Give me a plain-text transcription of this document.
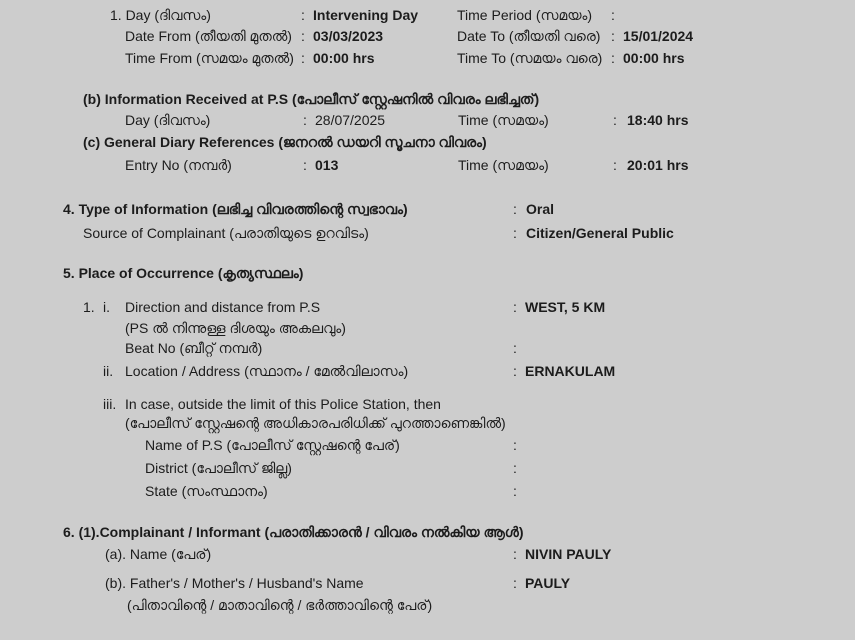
1. Day (ദിവസം)	: Intervening Day	Time Period (സമയം) :
Date From (തീയതി മുതൽ) : 03/03/2023	Date To (തീയതി വരെ) : 15/01/2024
Time From (സമയം മുതൽ) : 00:00 hrs	Time To (സമയം വരെ) : 00:00 hrs
(b) Information Received at P.S (പോലീസ് സ്റ്റേഷനിൽ വിവരം ലഭിച്ചത്)
Day (ദിവസം)	: 28/07/2025	Time (സമയം)	: 18:40 hrs
(c) General Diary References (ജനറൽ ഡയറി സൂചനാ വിവരം)
Entry No (നമ്പർ)	: 013	Time (സമയം)	: 20:01 hrs
4. Type of Information (ലഭിച്ച വിവരത്തിന്റെ സ്വഭാവം)	: Oral
Source of Complainant (പരാതിയുടെ ഉറവിടം)	: Citizen/General Public
5. Place of Occurrence (കൃത്യസ്ഥലം)
1. i. Direction and distance from P.S	: WEST, 5 KM
(PS ൽ നിന്നുള്ള ദിശയും അകലവും)
Beat No (ബീറ്റ് നമ്പർ)	:
ii. Location / Address (സ്ഥാനം / മേൽവിലാസം)	: ERNAKULAM
iii. In case, outside the limit of this Police Station, then
(പോലീസ് സ്റ്റേഷന്റെ അധികാരപരിധിക്ക് പുറത്താണെങ്കിൽ)
Name of P.S (പോലീസ് സ്റ്റേഷന്റെ പേര്)	:
District (പോലീസ് ജില്ല)	:
State (സംസ്ഥാനം)	:
6. (1).Complainant / Informant (പരാതിക്കാരൻ / വിവരം നൽകിയ ആൾ)
(a). Name (പേര്)	: NIVIN PAULY
(b). Father's / Mother's / Husband's Name	: PAULY
(പിതാവിന്റെ / മാതാവിന്റെ / ഭർത്താവിന്റെ പേര്)
